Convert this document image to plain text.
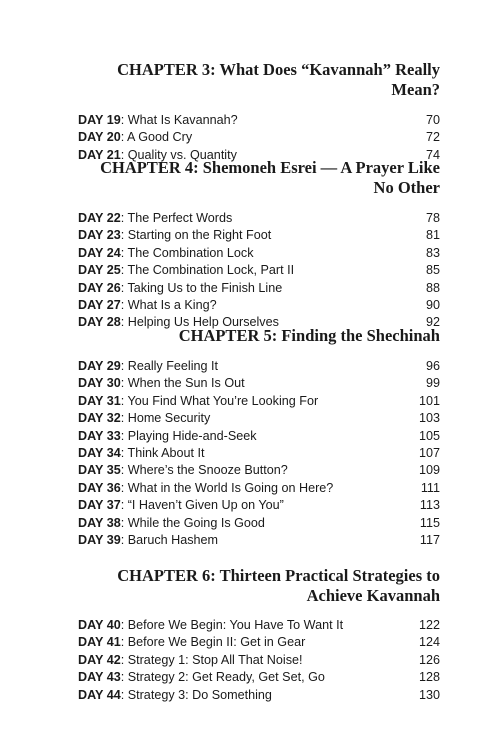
CHAPTER 3: What Does “Kavannah” Really Mean?
DAY 19: What Is Kavannah?	70
DAY 20: A Good Cry	72
DAY 21: Quality vs. Quantity	74
CHAPTER 4: Shemoneh Esrei — A Prayer Like No Other
DAY 22: The Perfect Words	78
DAY 23: Starting on the Right Foot	81
DAY 24: The Combination Lock	83
DAY 25: The Combination Lock, Part II	85
DAY 26: Taking Us to the Finish Line	88
DAY 27: What Is a King?	90
DAY 28: Helping Us Help Ourselves	92
CHAPTER 5: Finding the Shechinah
DAY 29: Really Feeling It	96
DAY 30: When the Sun Is Out	99
DAY 31: You Find What You’re Looking For	101
DAY 32: Home Security	103
DAY 33: Playing Hide-and-Seek	105
DAY 34: Think About It	107
DAY 35: Where’s the Snooze Button?	109
DAY 36: What in the World Is Going on Here?	111
DAY 37: “I Haven’t Given Up on You”	113
DAY 38: While the Going Is Good	115
DAY 39: Baruch Hashem	117
CHAPTER 6: Thirteen Practical Strategies to
Achieve Kavannah
DAY 40: Before We Begin: You Have To Want It	122
DAY 41: Before We Begin II: Get in Gear	124
DAY 42: Strategy 1: Stop All That Noise!	126
DAY 43: Strategy 2: Get Ready, Get Set, Go	128
DAY 44: Strategy 3: Do Something	130
